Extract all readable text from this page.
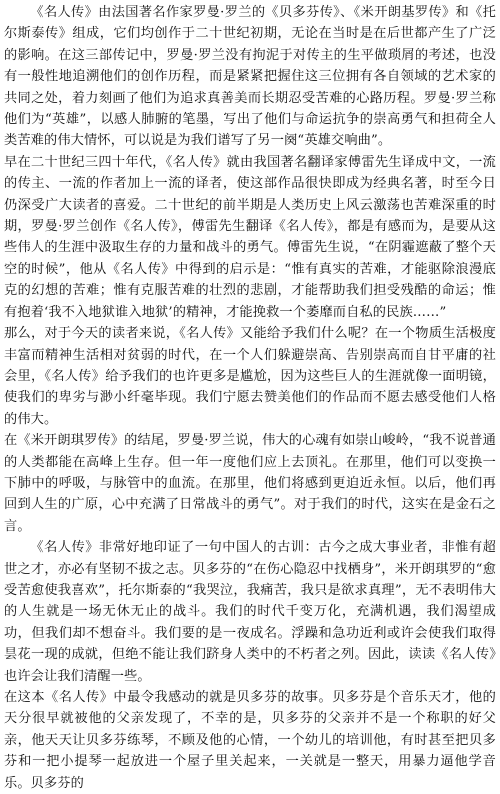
《名人传》由法国著名作家罗曼·罗兰的《贝多芬传》、《米开朗基罗传》和《托尔斯泰传》组成，它们均创作于二十世纪初期，无论在当时是在后世都产生了广泛的影响。在这三部传记中，罗曼·罗兰没有拘泥于对传主的生平做琐屑的考述，也没有一般性地追溯他们的创作历程，而是紧紧把握住这三位拥有各自领域的艺术家的共同之处，着力刻画了他们为追求真善美而长期忍受苦难的心路历程。罗曼·罗兰称他们为“英雄”，以感人肺腑的笔墨，写出了他们与命运抗争的崇高勇气和担荷全人类苦难的伟大情怀，可以说是为我们谱写了另一阕“英雄交响曲”。

早在二十世纪三四十年代，《名人传》就由我国著名翻译家傅雷先生译成中文，一流的传主、一流的作者加上一流的译者，使这部作品很快即成为经典名著，时至今日仍深受广大读者的喜爱。二十世纪的前半期是人类历史上风云激荡也苦难深重的时期，罗曼·罗兰创作《名人传》，傅雷先生翻译《名人传》，都是有感而为，是要从这些伟人的生涯中汲取生存的力量和战斗的勇气。傅雷先生说，“在阴霾遮蔽了整个天空的时候”，他从《名人传》中得到的启示是：“惟有真实的苦难，才能驱除浪漫底克的幻想的苦难；惟有克服苦难的壮烈的悲剧，才能帮助我们担受残酷的命运；惟有抱着‘我不入地狱谁入地狱’的精神，才能挽救一个萎靡而自私的民族……”

那么，对于今天的读者来说，《名人传》又能给予我们什么呢？在一个物质生活极度丰富而精神生活相对贫弱的时代，在一个人们躲避崇高、告别崇高而自甘平庸的社会里，《名人传》给予我们的也许更多是尴尬，因为这些巨人的生涯就像一面明镜，使我们的卑劣与渺小纤毫毕现。我们宁愿去赞美他们的作品而不愿去感受他们人格的伟大。

在《米开朗琪罗传》的结尾，罗曼·罗兰说，伟大的心魂有如崇山峻岭，“我不说普通的人类都能在高峰上生存。但一年一度他们应上去顶礼。在那里，他们可以变换一下肺中的呼吸，与脉管中的血流。在那里，他们将感到更迫近永恒。以后，他们再回到人生的广原，心中充满了日常战斗的勇气”。对于我们的时代，这实在是金石之言。

《名人传》非常好地印证了一句中国人的古训：古今之成大事业者，非惟有超世之才，亦必有坚韧不拔之志。贝多芬的“在伤心隐忍中找栖身”，米开朗琪罗的“愈受苦愈使我喜欢”，托尔斯泰的“我哭泣，我痛苦，我只是欲求真理”，无不表明伟大的人生就是一场无休无止的战斗。我们的时代千变万化，充满机遇，我们渴望成功，但我们却不想奋斗。我们要的是一夜成名。浮躁和急功近利或许会使我们取得昙花一现的成就，但绝不能让我们跻身人类中的不朽者之列。因此，读读《名人传》也许会让我们清醒一些。

在这本《名人传》中最令我感动的就是贝多芬的故事。贝多芬是个音乐天才，他的天分很早就被他的父亲发现了，不幸的是，贝多芬的父亲并不是一个称职的好父亲，他天天让贝多芬练琴，不顾及他的心情，一个幼儿的培训他，有时甚至把贝多芬和一把小提琴一起放进一个屋子里关起来，一关就是一整天，用暴力逼他学音乐。贝多芬的
